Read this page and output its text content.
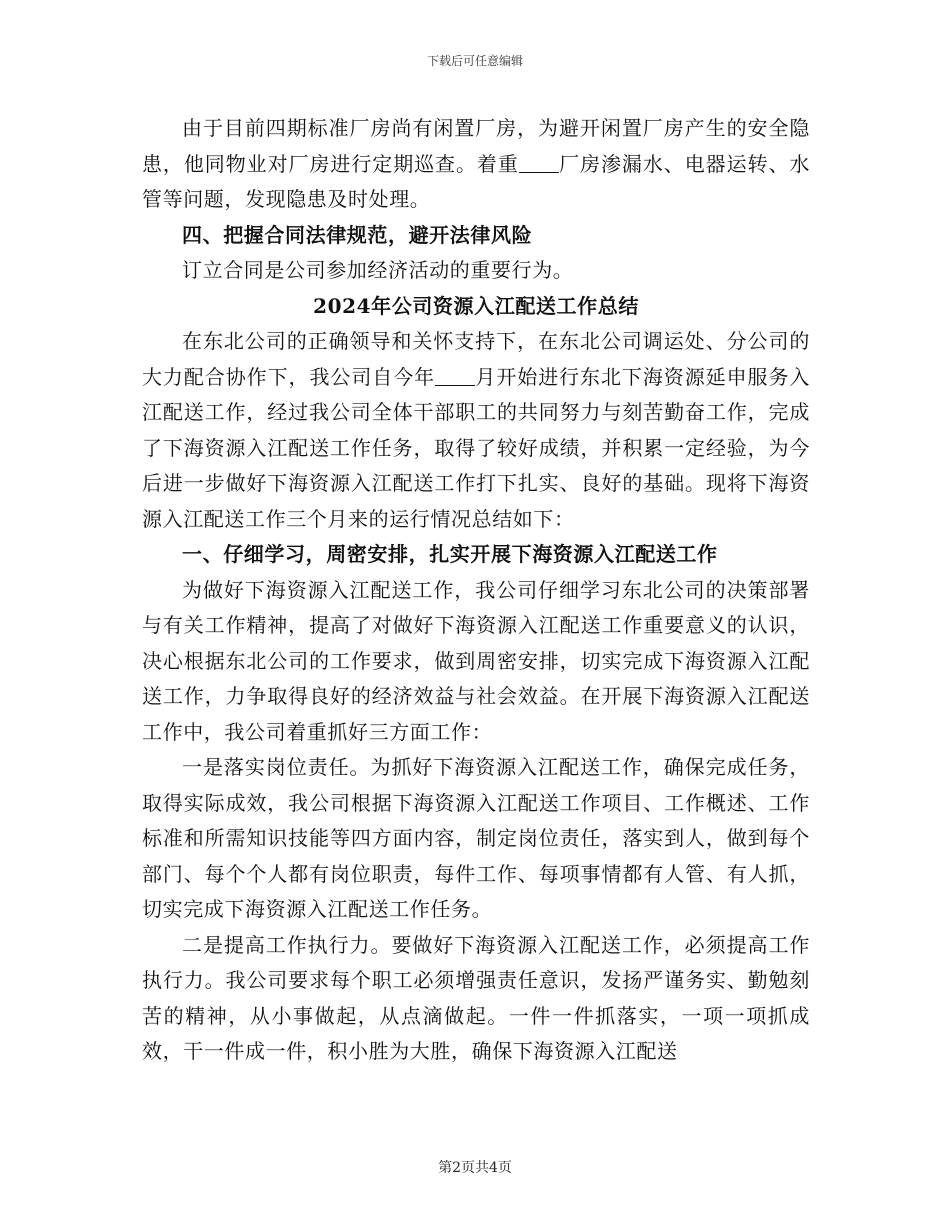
下载后可任意编辑

由于目前四期标准厂房尚有闲置厂房，为避开闲置厂房产生的安全隐患，他同物业对厂房进行定期巡查。着重 厂房渗漏水、电器运转、水管等问题，发现隐患及时处理。

四、把握合同法律规范，避开法律风险

订立合同是公司参加经济活动的重要行为。

2024年公司资源入江配送工作总结

在东北公司的正确领导和关怀支持下，在东北公司调运处、分公司的大力配合协作下，我公司自今年 月开始进行东北下海资源延申服务入江配送工作，经过我公司全体干部职工的共同努力与刻苦勤奋工作，完成了下海资源入江配送工作任务，取得了较好成绩，并积累一定经验，为今后进一步做好下海资源入江配送工作打下扎实、良好的基础。现将下海资源入江配送工作三个月来的运行情况总结如下：

一、仔细学习，周密安排，扎实开展下海资源入江配送工作

为做好下海资源入江配送工作，我公司仔细学习东北公司的决策部署与有关工作精神，提高了对做好下海资源入江配送工作重要意义的认识，决心根据东北公司的工作要求，做到周密安排，切实完成下海资源入江配送工作，力争取得良好的经济效益与社会效益。在开展下海资源入江配送工作中，我公司着重抓好三方面工作：

一是落实岗位责任。为抓好下海资源入江配送工作，确保完成任务，取得实际成效，我公司根据下海资源入江配送工作项目、工作概述、工作标准和所需知识技能等四方面内容，制定岗位责任，落实到人，做到每个部门、每个个人都有岗位职责，每件工作、每项事情都有人管、有人抓，切实完成下海资源入江配送工作任务。

二是提高工作执行力。要做好下海资源入江配送工作，必须提高工作执行力。我公司要求每个职工必须增强责任意识，发扬严谨务实、勤勉刻苦的精神，从小事做起，从点滴做起。一件一件抓落实，一项一项抓成效，干一件成一件，积小胜为大胜，确保下海资源入江配送

第2页共4页
